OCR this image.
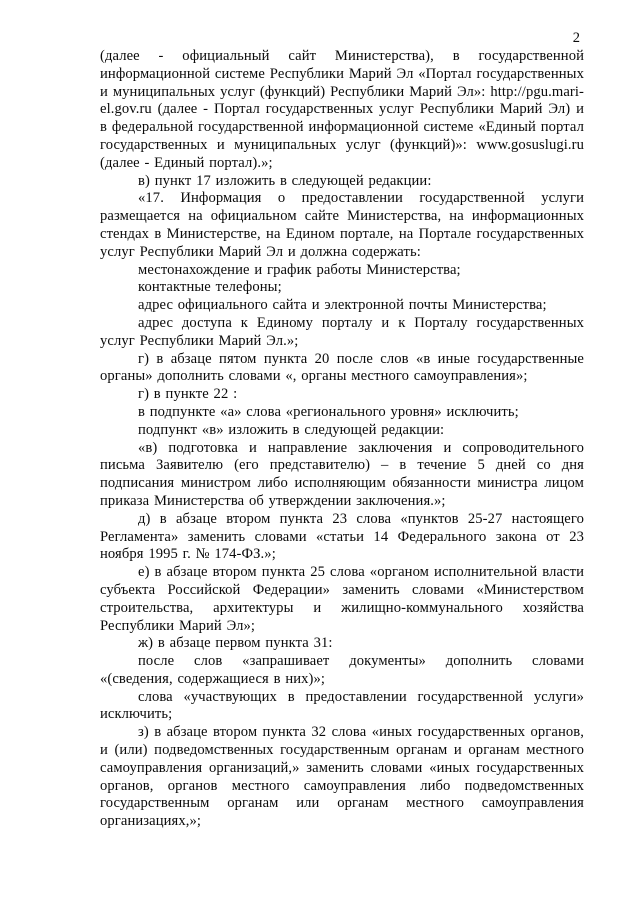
2

(далее - официальный сайт Министерства), в государственной информационной системе Республики Марий Эл «Портал государственных и муниципальных услуг (функций) Республики Марий Эл»: http://pgu.mari-el.gov.ru (далее - Портал государственных услуг Республики Марий Эл) и в федеральной государственной информационной системе «Единый портал государственных и муниципальных услуг (функций)»: www.gosuslugi.ru (далее - Единый портал).»;

в) пункт 17 изложить в следующей редакции:

«17. Информация о предоставлении государственной услуги размещается на официальном сайте Министерства, на информационных стендах в Министерстве, на Едином портале, на Портале государственных услуг Республики Марий Эл и должна содержать:

местонахождение и график работы Министерства;

контактные телефоны;

адрес официального сайта и электронной почты Министерства;

адрес доступа к Единому порталу и к Порталу государственных услуг Республики Марий Эл.»;

г) в абзаце пятом пункта 20 после слов «в иные государственные органы» дополнить словами «, органы местного самоуправления»;

г) в пункте 22 :

в подпункте «а» слова «регионального уровня» исключить;

подпункт «в» изложить в следующей редакции:

«в) подготовка и направление заключения и сопроводительного письма Заявителю (его представителю) – в течение 5 дней со дня подписания министром либо исполняющим обязанности министра лицом приказа Министерства об утверждении заключения.»;

д) в абзаце втором пункта 23 слова «пунктов 25-27 настоящего Регламента» заменить словами «статьи 14 Федерального закона от 23 ноября 1995 г. № 174-ФЗ.»;

е) в абзаце втором пункта 25 слова «органом исполнительной власти субъекта Российской Федерации» заменить словами «Министерством строительства, архитектуры и жилищно-коммунального хозяйства Республики Марий Эл»;

ж) в абзаце первом пункта 31:

после слов «запрашивает документы» дополнить словами «(сведения, содержащиеся в них)»;

слова «участвующих в предоставлении государственной услуги» исключить;

з) в абзаце втором пункта 32 слова «иных государственных органов, и (или) подведомственных государственным органам и органам местного самоуправления организаций,» заменить словами «иных государственных органов, органов местного самоуправления либо подведомственных государственным органам или органам местного самоуправления организациях,»;
